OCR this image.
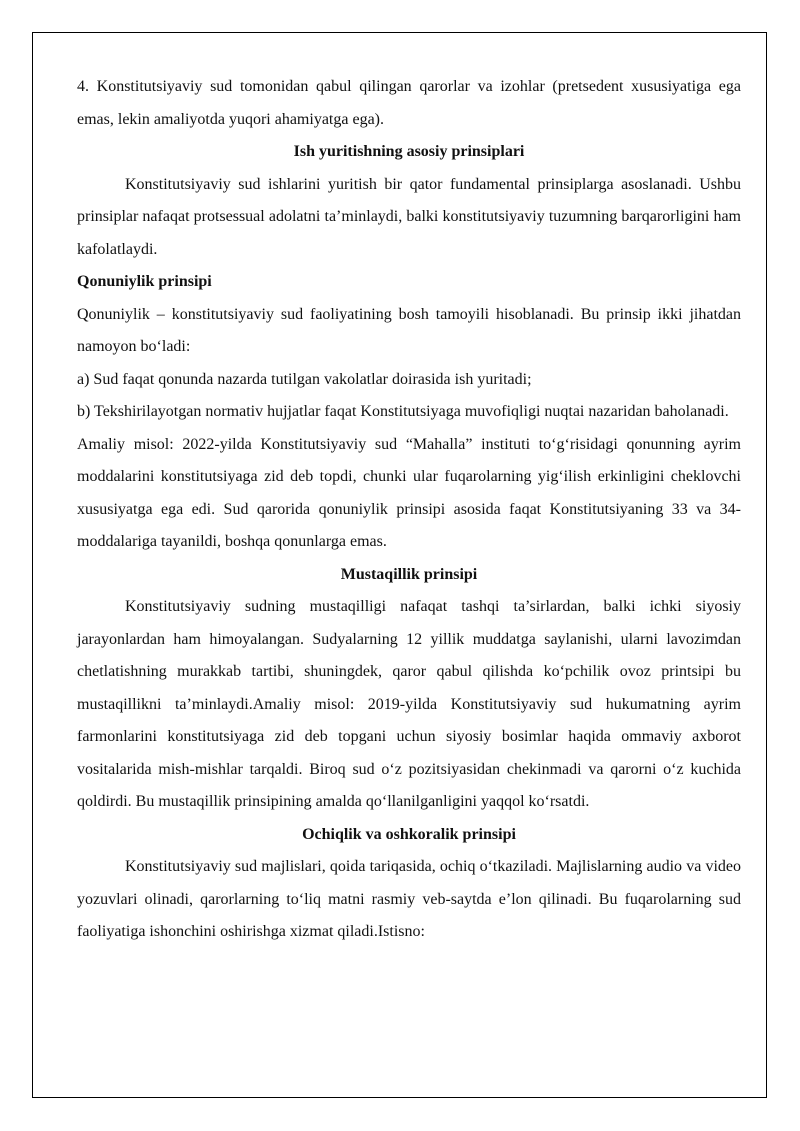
4. Konstitutsiyaviy sud tomonidan qabul qilingan qarorlar va izohlar (pretsedent xususiyatiga ega emas, lekin amaliyotda yuqori ahamiyatga ega).

Ish yuritishning asosiy prinsiplari

Konstitutsiyaviy sud ishlarini yuritish bir qator fundamental prinsiplarga asoslanadi. Ushbu prinsiplar nafaqat protsessual adolatni ta’minlaydi, balki konstitutsiyaviy tuzumning barqarorligini ham kafolatlaydi.

Qonuniylik prinsipi

Qonuniylik – konstitutsiyaviy sud faoliyatining bosh tamoyili hisoblanadi. Bu prinsip ikki jihatdan namoyon bo‘ladi:

a) Sud faqat qonunda nazarda tutilgan vakolatlar doirasida ish yuritadi;

b) Tekshirilayotgan normativ hujjatlar faqat Konstitutsiyaga muvofiqligi nuqtai nazaridan baholanadi.

Amaliy misol: 2022-yilda Konstitutsiyaviy sud “Mahalla” instituti to‘g‘risidagi qonunning ayrim moddalarini konstitutsiyaga zid deb topdi, chunki ular fuqarolarning yig‘ilish erkinligini cheklovchi xususiyatga ega edi. Sud qarorida qonuniylik prinsipi asosida faqat Konstitutsiyaning 33 va 34-moddalariga tayanildi, boshqa qonunlarga emas.

Mustaqillik prinsipi

Konstitutsiyaviy sudning mustaqilligi nafaqat tashqi ta’sirlardan, balki ichki siyosiy jarayonlardan ham himoyalangan. Sudyalarning 12 yillik muddatga saylanishi, ularni lavozimdan chetlatishning murakkab tartibi, shuningdek, qaror qabul qilishda ko‘pchilik ovoz printsipi bu mustaqillikni ta’minlaydi.Amaliy misol: 2019-yilda Konstitutsiyaviy sud hukumatning ayrim farmonlarini konstitutsiyaga zid deb topgani uchun siyosiy bosimlar haqida ommaviy axborot vositalarida mish-mishlar tarqaldi. Biroq sud o‘z pozitsiyasidan chekinmadi va qarorni o‘z kuchida qoldirdi. Bu mustaqillik prinsipining amalda qo‘llanilganligini yaqqol ko‘rsatdi.

Ochiqlik va oshkoralik prinsipi

Konstitutsiyaviy sud majlislari, qoida tariqasida, ochiq o‘tkaziladi. Majlislarning audio va video yozuvlari olinadi, qarorlarning to‘liq matni rasmiy veb-saytda e’lon qilinadi. Bu fuqarolarning sud faoliyatiga ishonchini oshirishga xizmat qiladi.Istisno:
